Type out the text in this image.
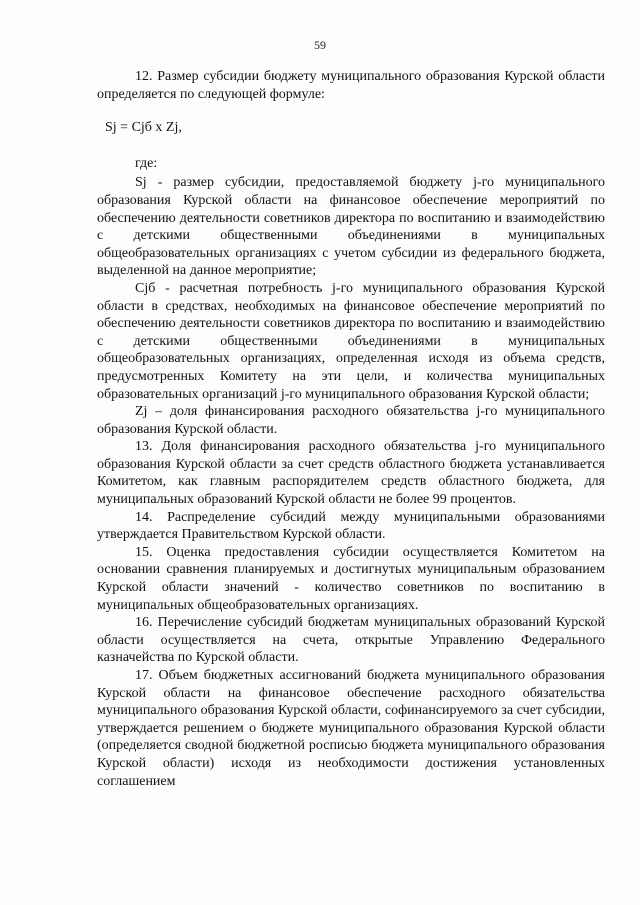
59

12. Размер субсидии бюджету муниципального образования Курской области определяется по следующей формуле:

Sj = Cjб x Zj,

где:

Sj - размер субсидии, предоставляемой бюджету j-го муниципального образования Курской области на финансовое обеспечение мероприятий по обеспечению деятельности советников директора по воспитанию и взаимодействию с детскими общественными объединениями в муниципальных общеобразовательных организациях с учетом субсидии из федерального бюджета, выделенной на данное мероприятие;

Cjб - расчетная потребность j-го муниципального образования Курской области в средствах, необходимых на финансовое обеспечение мероприятий по обеспечению деятельности советников директора по воспитанию и взаимодействию с детскими общественными объединениями в муниципальных общеобразовательных организациях, определенная исходя из объема средств, предусмотренных Комитету на эти цели, и количества муниципальных образовательных организаций j-го муниципального образования Курской области;

Zj – доля финансирования расходного обязательства j-го муниципального образования Курской области.

13. Доля финансирования расходного обязательства j-го муниципального образования Курской области за счет средств областного бюджета устанавливается Комитетом, как главным распорядителем средств областного бюджета, для муниципальных образований Курской области не более 99 процентов.

14. Распределение субсидий между муниципальными образованиями утверждается Правительством Курской области.

15. Оценка предоставления субсидии осуществляется Комитетом на основании сравнения планируемых и достигнутых муниципальным образованием Курской области значений - количество советников по воспитанию в муниципальных общеобразовательных организациях.

16. Перечисление субсидий бюджетам муниципальных образований Курской области осуществляется на счета, открытые Управлению Федерального казначейства по Курской области.

17. Объем бюджетных ассигнований бюджета муниципального образования Курской области на финансовое обеспечение расходного обязательства муниципального образования Курской области, софинансируемого за счет субсидии, утверждается решением о бюджете муниципального образования Курской области (определяется сводной бюджетной росписью бюджета муниципального образования Курской области) исходя из необходимости достижения установленных соглашением
